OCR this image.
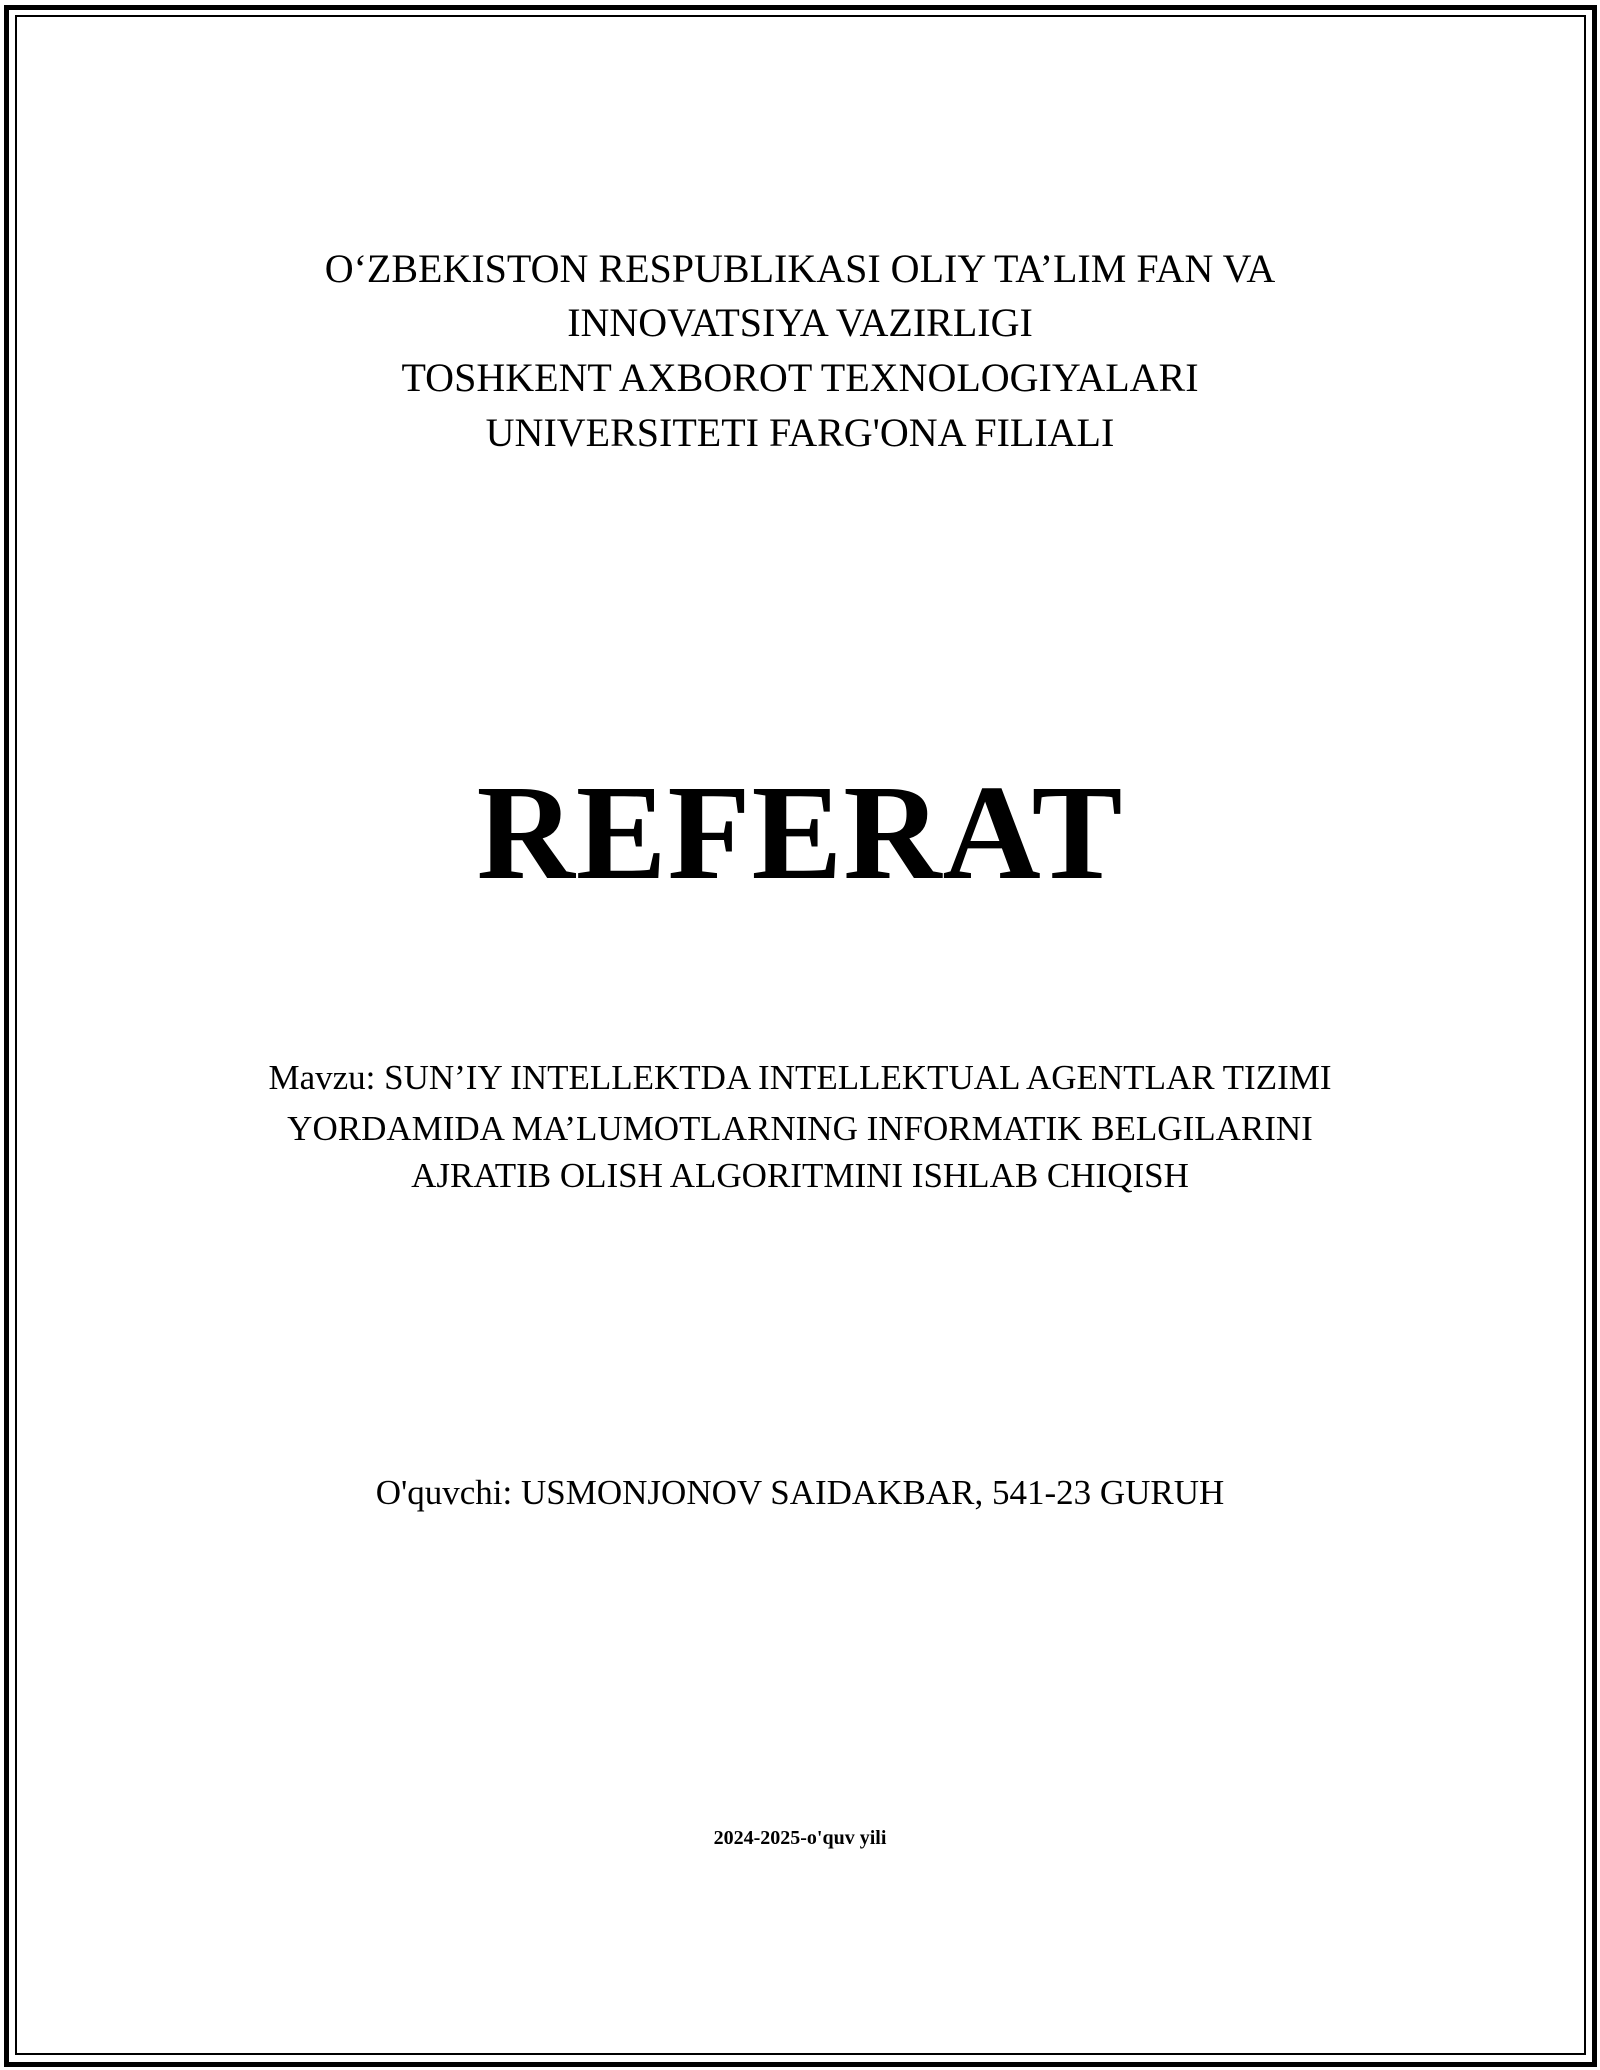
O‘ZBEKISTON RESPUBLIKASI OLIY TA’LIM FAN VA
INNOVATSIYA VAZIRLIGI
TOSHKENT AXBOROT TEXNOLOGIYALARI
UNIVERSITETI FARG'ONA FILIALI
REFERAT
Mavzu: SUN’IY INTELLEKTDA INTELLEKTUAL AGENTLAR TIZIMI
YORDAMIDA MA’LUMOTLARNING INFORMATIK BELGILARINI
AJRATIB OLISH ALGORITMINI ISHLAB CHIQISH
O'quvchi: USMONJONOV SAIDAKBAR, 541-23 GURUH
2024-2025-o'quv yili
